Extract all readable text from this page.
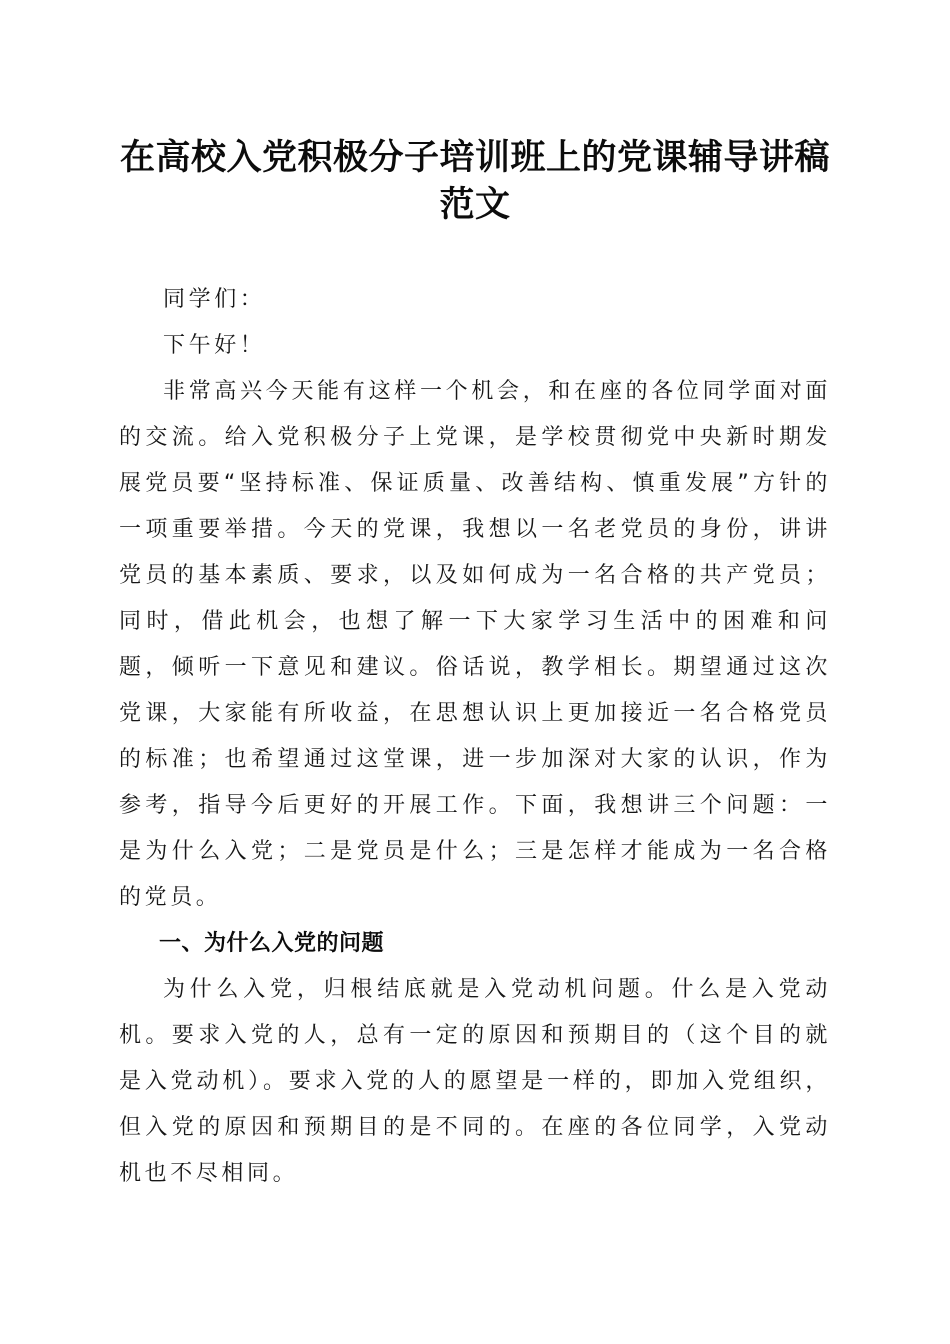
在高校入党积极分子培训班上的党课辅导讲稿
范文

同学们：

下午好！

非常高兴今天能有这样一个机会，和在座的各位同学面对面的交流。给入党积极分子上党课，是学校贯彻党中央新时期发展党员要“坚持标准、保证质量、改善结构、慎重发展”方针的一项重要举措。今天的党课，我想以一名老党员的身份，讲讲党员的基本素质、要求，以及如何成为一名合格的共产党员；同时，借此机会，也想了解一下大家学习生活中的困难和问题，倾听一下意见和建议。俗话说，教学相长。期望通过这次党课，大家能有所收益，在思想认识上更加接近一名合格党员的标准；也希望通过这堂课，进一步加深对大家的认识，作为参考，指导今后更好的开展工作。下面，我想讲三个问题：一是为什么入党；二是党员是什么；三是怎样才能成为一名合格的党员。

一、为什么入党的问题

为什么入党，归根结底就是入党动机问题。什么是入党动机。要求入党的人，总有一定的原因和预期目的（这个目的就是入党动机）。要求入党的人的愿望是一样的，即加入党组织，但入党的原因和预期目的是不同的。在座的各位同学，入党动机也不尽相同。
